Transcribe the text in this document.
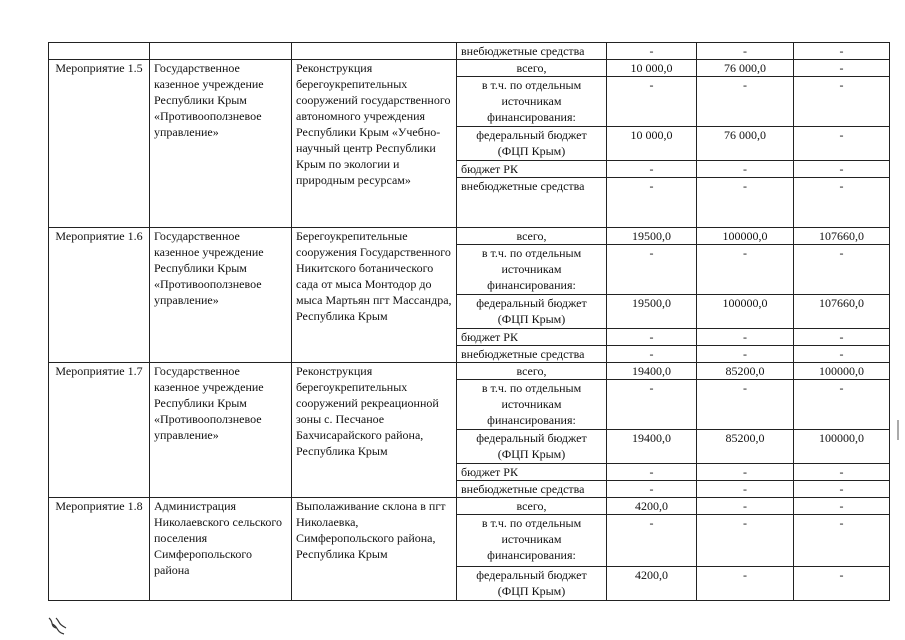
			внебюджетные средства	-	-	-
Мероприятие 1.5	Государственное казенное учреждение Республики Крым «Противооползневое управление»	Реконструкция берегоукрепительных сооружений государственного автономного учреждения Республики Крым «Учебно-научный центр Республики Крым по экологии и природным ресурсам»	всего,	10 000,0	76 000,0	-
			в т.ч. по отдельным источникам финансирования:	-	-	-
			федеральный бюджет (ФЦП Крым)	10 000,0	76 000,0	-
			бюджет РК	-	-	-
			внебюджетные средства	-	-	-
Мероприятие 1.6	Государственное казенное учреждение Республики Крым «Противооползневое управление»	Берегоукрепительные сооружения Государственного Никитского ботанического сада от мыса Монтодор до мыса Мартьян пгт Массандра, Республика Крым	всего,	19500,0	100000,0	107660,0
			в т.ч. по отдельным источникам финансирования:	-	-	-
			федеральный бюджет (ФЦП Крым)	19500,0	100000,0	107660,0
			бюджет РК	-	-	-
			внебюджетные средства	-	-	-
Мероприятие 1.7	Государственное казенное учреждение Республики Крым «Противооползневое управление»	Реконструкция берегоукрепительных сооружений рекреационной зоны с. Песчаное Бахчисарайского района, Республика Крым	всего,	19400,0	85200,0	100000,0
			в т.ч. по отдельным источникам финансирования:	-	-	-
			федеральный бюджет (ФЦП Крым)	19400,0	85200,0	100000,0
			бюджет РК	-	-	-
			внебюджетные средства	-	-	-
Мероприятие 1.8	Администрация Николаевского сельского поселения Симферопольского района	Выполаживание склона в пгт Николаевка, Симферопольского района, Республика Крым	всего,	4200,0	-	-
			в т.ч. по отдельным источникам финансирования:	-	-	-
			федеральный бюджет (ФЦП Крым)	4200,0	-	-
